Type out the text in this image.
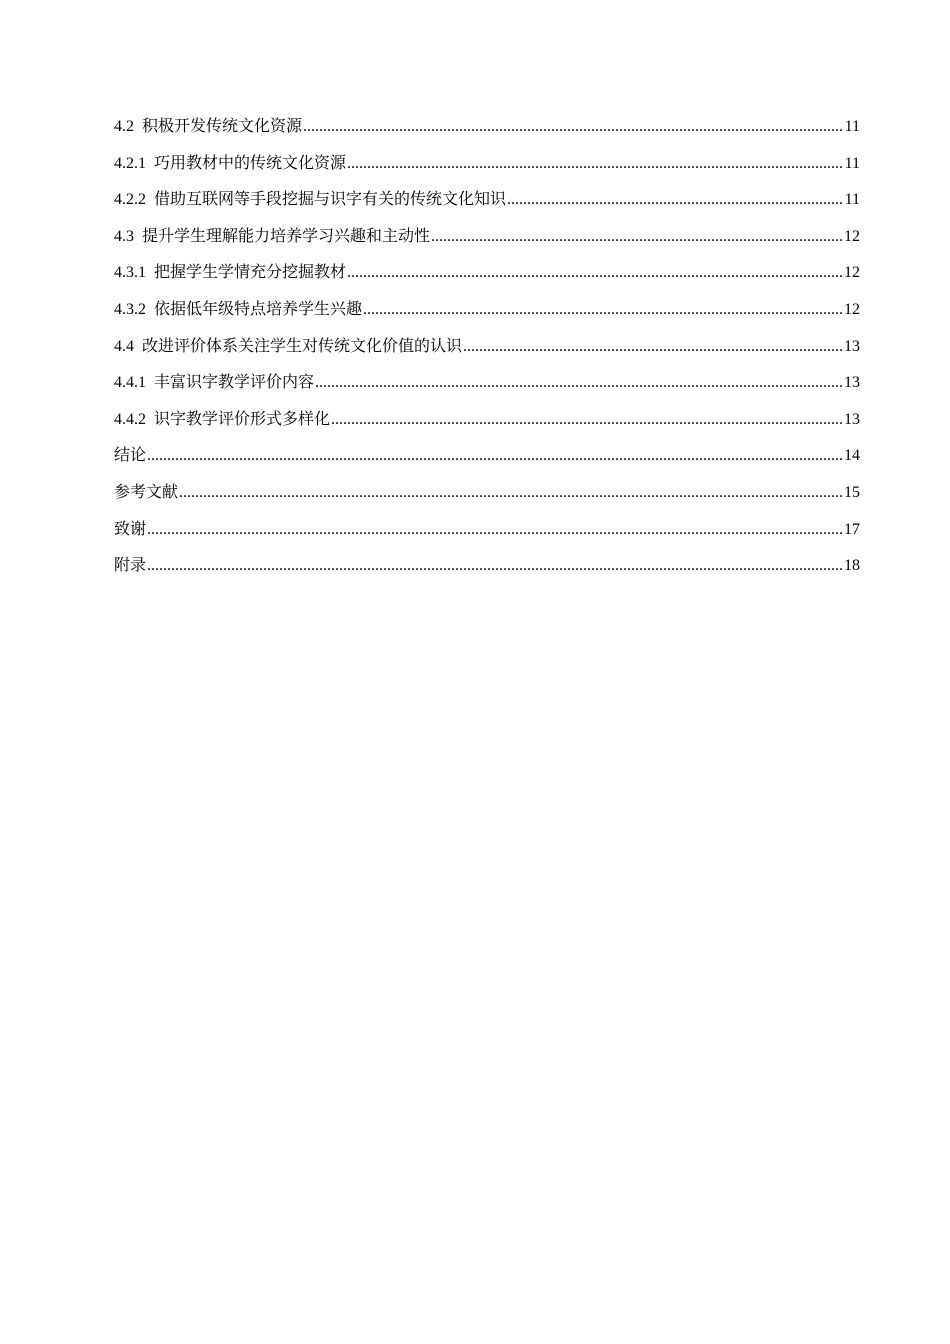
4.2 积极开发传统文化资源 .....	11
4.2.1 巧用教材中的传统文化资源 .....	11
4.2.2 借助互联网等手段挖掘与识字有关的传统文化知识 .....	11
4.3 提升学生理解能力培养学习兴趣和主动性 .....	12
4.3.1 把握学生学情充分挖掘教材 .....	12
4.3.2 依据低年级特点培养学生兴趣 .....	12
4.4 改进评价体系关注学生对传统文化价值的认识 .....	13
4.4.1 丰富识字教学评价内容 .....	13
4.4.2 识字教学评价形式多样化 .....	13
结论 .....	14
参考文献 .....	15
致谢 .....	17
附录 .....	18
